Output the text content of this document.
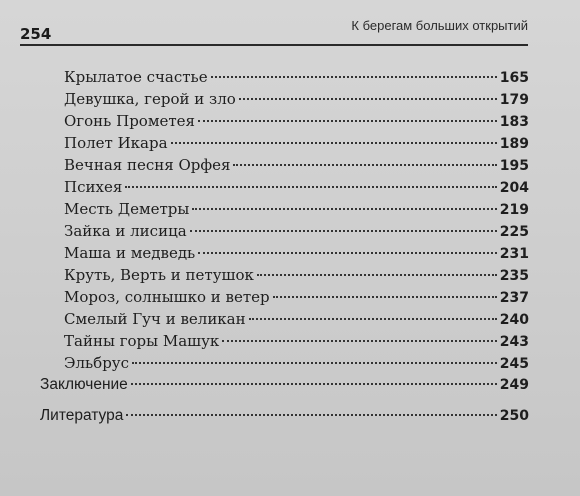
254	К берегам больших открытий
Крылатое счастье	165
Девушка, герой и зло	179
Огонь Прометея	183
Полет Икара	189
Вечная песня Орфея	195
Психея	204
Месть Деметры	219
Зайка и лисица	225
Маша и медведь	231
Круть, Верть и петушок	235
Мороз, солнышко и ветер	237
Смелый Гуч и великан	240
Тайны горы Машук	243
Эльбрус	245
Заключение	249
Литература	250
